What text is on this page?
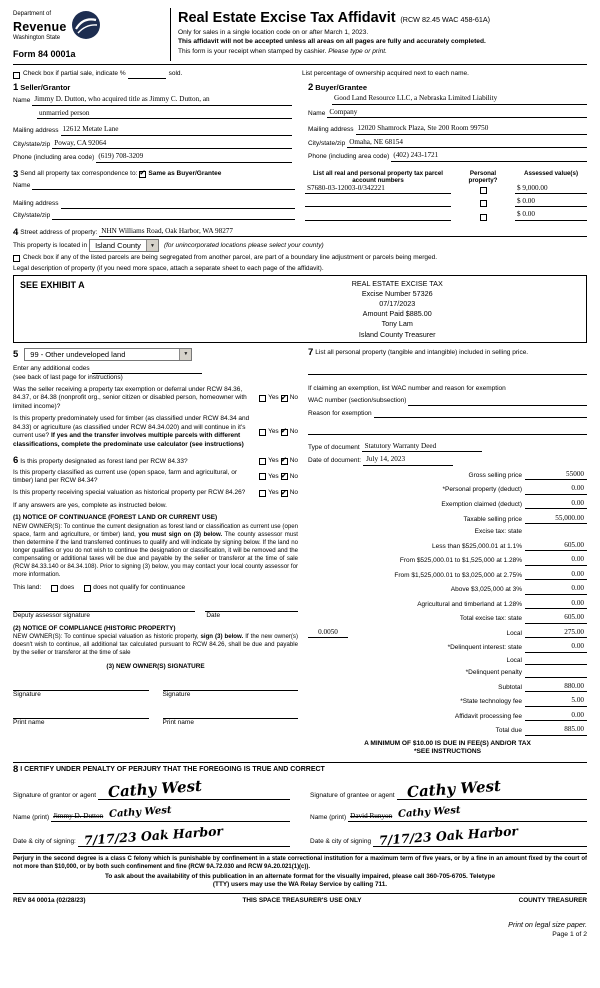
Department of
Revenue
Washington State
Form 84 0001a
Real Estate Excise Tax Affidavit (RCW 82.45 WAC 458-61A)
Only for sales in a single location code on or after March 1, 2023.
This affidavit will not be accepted unless all areas on all pages are fully and accurately completed.
This form is your receipt when stamped by cashier. Please type or print.
Check box if partial sale, indicate %	sold.	List percentage of ownership acquired next to each name.
1 Seller/Grantor
Name Jimmy D. Dutton, who acquired title as Jimmy C. Dutton, an
unmarried person
Mailing address 12612 Metate Lane
City/state/zip Poway, CA 92064
Phone (including area code) (619) 708-3209
2 Buyer/Grantee
Good Land Resource LLC, a Nebraska Limited Liability
Name Company
Mailing address 12020 Shamrock Plaza, Ste 200 Room 99750
City/state/zip Omaha, NE 68154
Phone (including area code) (402) 243-1721
3 Send all property tax correspondence to: ✔ Same as Buyer/Grantee
Name
Mailing address
City/state/zip
List all real and personal property tax parcel account numbers
Personal property?
Assessed value(s)
S7680-03-12003-0/342221	$ 9,000.00
$ 0.00
$ 0.00
4 Street address of property: NHN Williams Road, Oak Harbor, WA 98277
This property is located in	Island County	▼	(for unincorporated locations please select your county)
Check box if any of the listed parcels are being segregated from another parcel, are part of a boundary line adjustment or parcels being merged.
Legal description of property (if you need more space, attach a separate sheet to each page of the affidavit).
SEE EXHIBIT A	REAL ESTATE EXCISE TAX
Excise Number 57326
07/17/2023
Amount Paid $885.00
Tony Lam
Island County Treasurer
5	99 - Other undeveloped land	▼
Enter any additional codes
(see back of last page for instructions)
Was the seller receiving a property tax exemption or deferral under RCW 84.36, 84.37, or 84.38 (nonprofit org., senior citizen or disabled person, homeowner with limited income)?
Yes ✔ No
Is this property predominately used for timber (as classified under RCW 84.34 and 84.33) or agriculture (as classified under RCW 84.34.020) and will continue in it's current use? If yes and the transfer involves multiple parcels with different classifications, complete the predominate use calculator (see instructions)
Yes ✔ No
6 Is this property designated as forest land per RCW 84.33?	Yes ✔ No
Is this property classified as current use (open space, farm and agricultural, or timber) land per RCW 84.34?
Yes ✔ No
Is this property receiving special valuation as historical property per RCW 84.26?	Yes ✔ No
If any answers are yes, complete as instructed below.
(1) NOTICE OF CONTINUANCE (FOREST LAND OR CURRENT USE)
NEW OWNER(S): To continue the current designation as forest land or classification as current use (open space, farm and agriculture, or timber) land, you must sign on (3) below. The county assessor must then determine if the land transferred continues to qualify and will indicate by signing below. If the land no longer qualifies or you do not wish to continue the designation or classification, it will be removed and the compensating or additional taxes will be due and payable by the seller or transferor at the time of sale (RCW 84.33.140 or 84.34.108). Prior to signing (3) below, you may contact your local county assessor for more information.
This land:	does	does not qualify for continuance
Deputy assessor signature	Date
(2) NOTICE OF COMPLIANCE (HISTORIC PROPERTY)
NEW OWNER(S): To continue special valuation as historic property, sign (3) below. If the new owner(s) doesn't wish to continue, all additional tax calculated pursuant to RCW 84.26, shall be due and payable by the seller or transferor at the time of sale
(3) NEW OWNER(S) SIGNATURE
Signature	Signature
Print name	Print name
7 List all personal property (tangible and intangible) included in selling price.
If claiming an exemption, list WAC number and reason for exemption
WAC number (section/subsection)
Reason for exemption
Type of document Statutory Warranty Deed
Date of document: July 14, 2023
Gross selling price	55000
*Personal property (deduct)	0.00
Exemption claimed (deduct)	0.00
Taxable selling price	55,000.00
Excise tax: state
Less than $525,000.01 at 1.1%	605.00
From $525,000.01 to $1,525,000 at 1.28%	0.00
From $1,525,000.01 to $3,025,000 at 2.75%	0.00
Above $3,025,000 at 3%	0.00
Agricultural and timberland at 1.28%	0.00
Total excise tax: state	605.00
0.0050	Local	275.00
*Delinquent interest: state	0.00
Local
*Delinquent penalty
Subtotal	880.00
*State technology fee	5.00
Affidavit processing fee	0.00
Total due	885.00
A MINIMUM OF $10.00 IS DUE IN FEE(S) AND/OR TAX
*SEE INSTRUCTIONS
8 I CERTIFY UNDER PENALTY OF PERJURY THAT THE FOREGOING IS TRUE AND CORRECT
Signature of grantor or agent Cathy West
Name (print) Jimmy D. Dutton Cathy West
Date & city of signing: 7/17/23 Oak Harbor
Signature of grantee or agent Cathy West
Name (print) David Runyon Cathy West
Date & city of signing 7/17/23 Oak Harbor
Perjury in the second degree is a class C felony which is punishable by confinement in a state correctional institution for a maximum term of five years, or by a fine in an amount fixed by the court of not more than $10,000, or by both such confinement and fine (RCW 9A.72.030 and RCW 9A.20.021(1)(c)).
To ask about the availability of this publication in an alternate format for the visually impaired, please call 360-705-6705. Teletype
(TTY) users may use the WA Relay Service by calling 711.
REV 84 0001a (02/28/23)	THIS SPACE TREASURER'S USE ONLY	COUNTY TREASURER
Print on legal size paper.
Page 1 of 2
